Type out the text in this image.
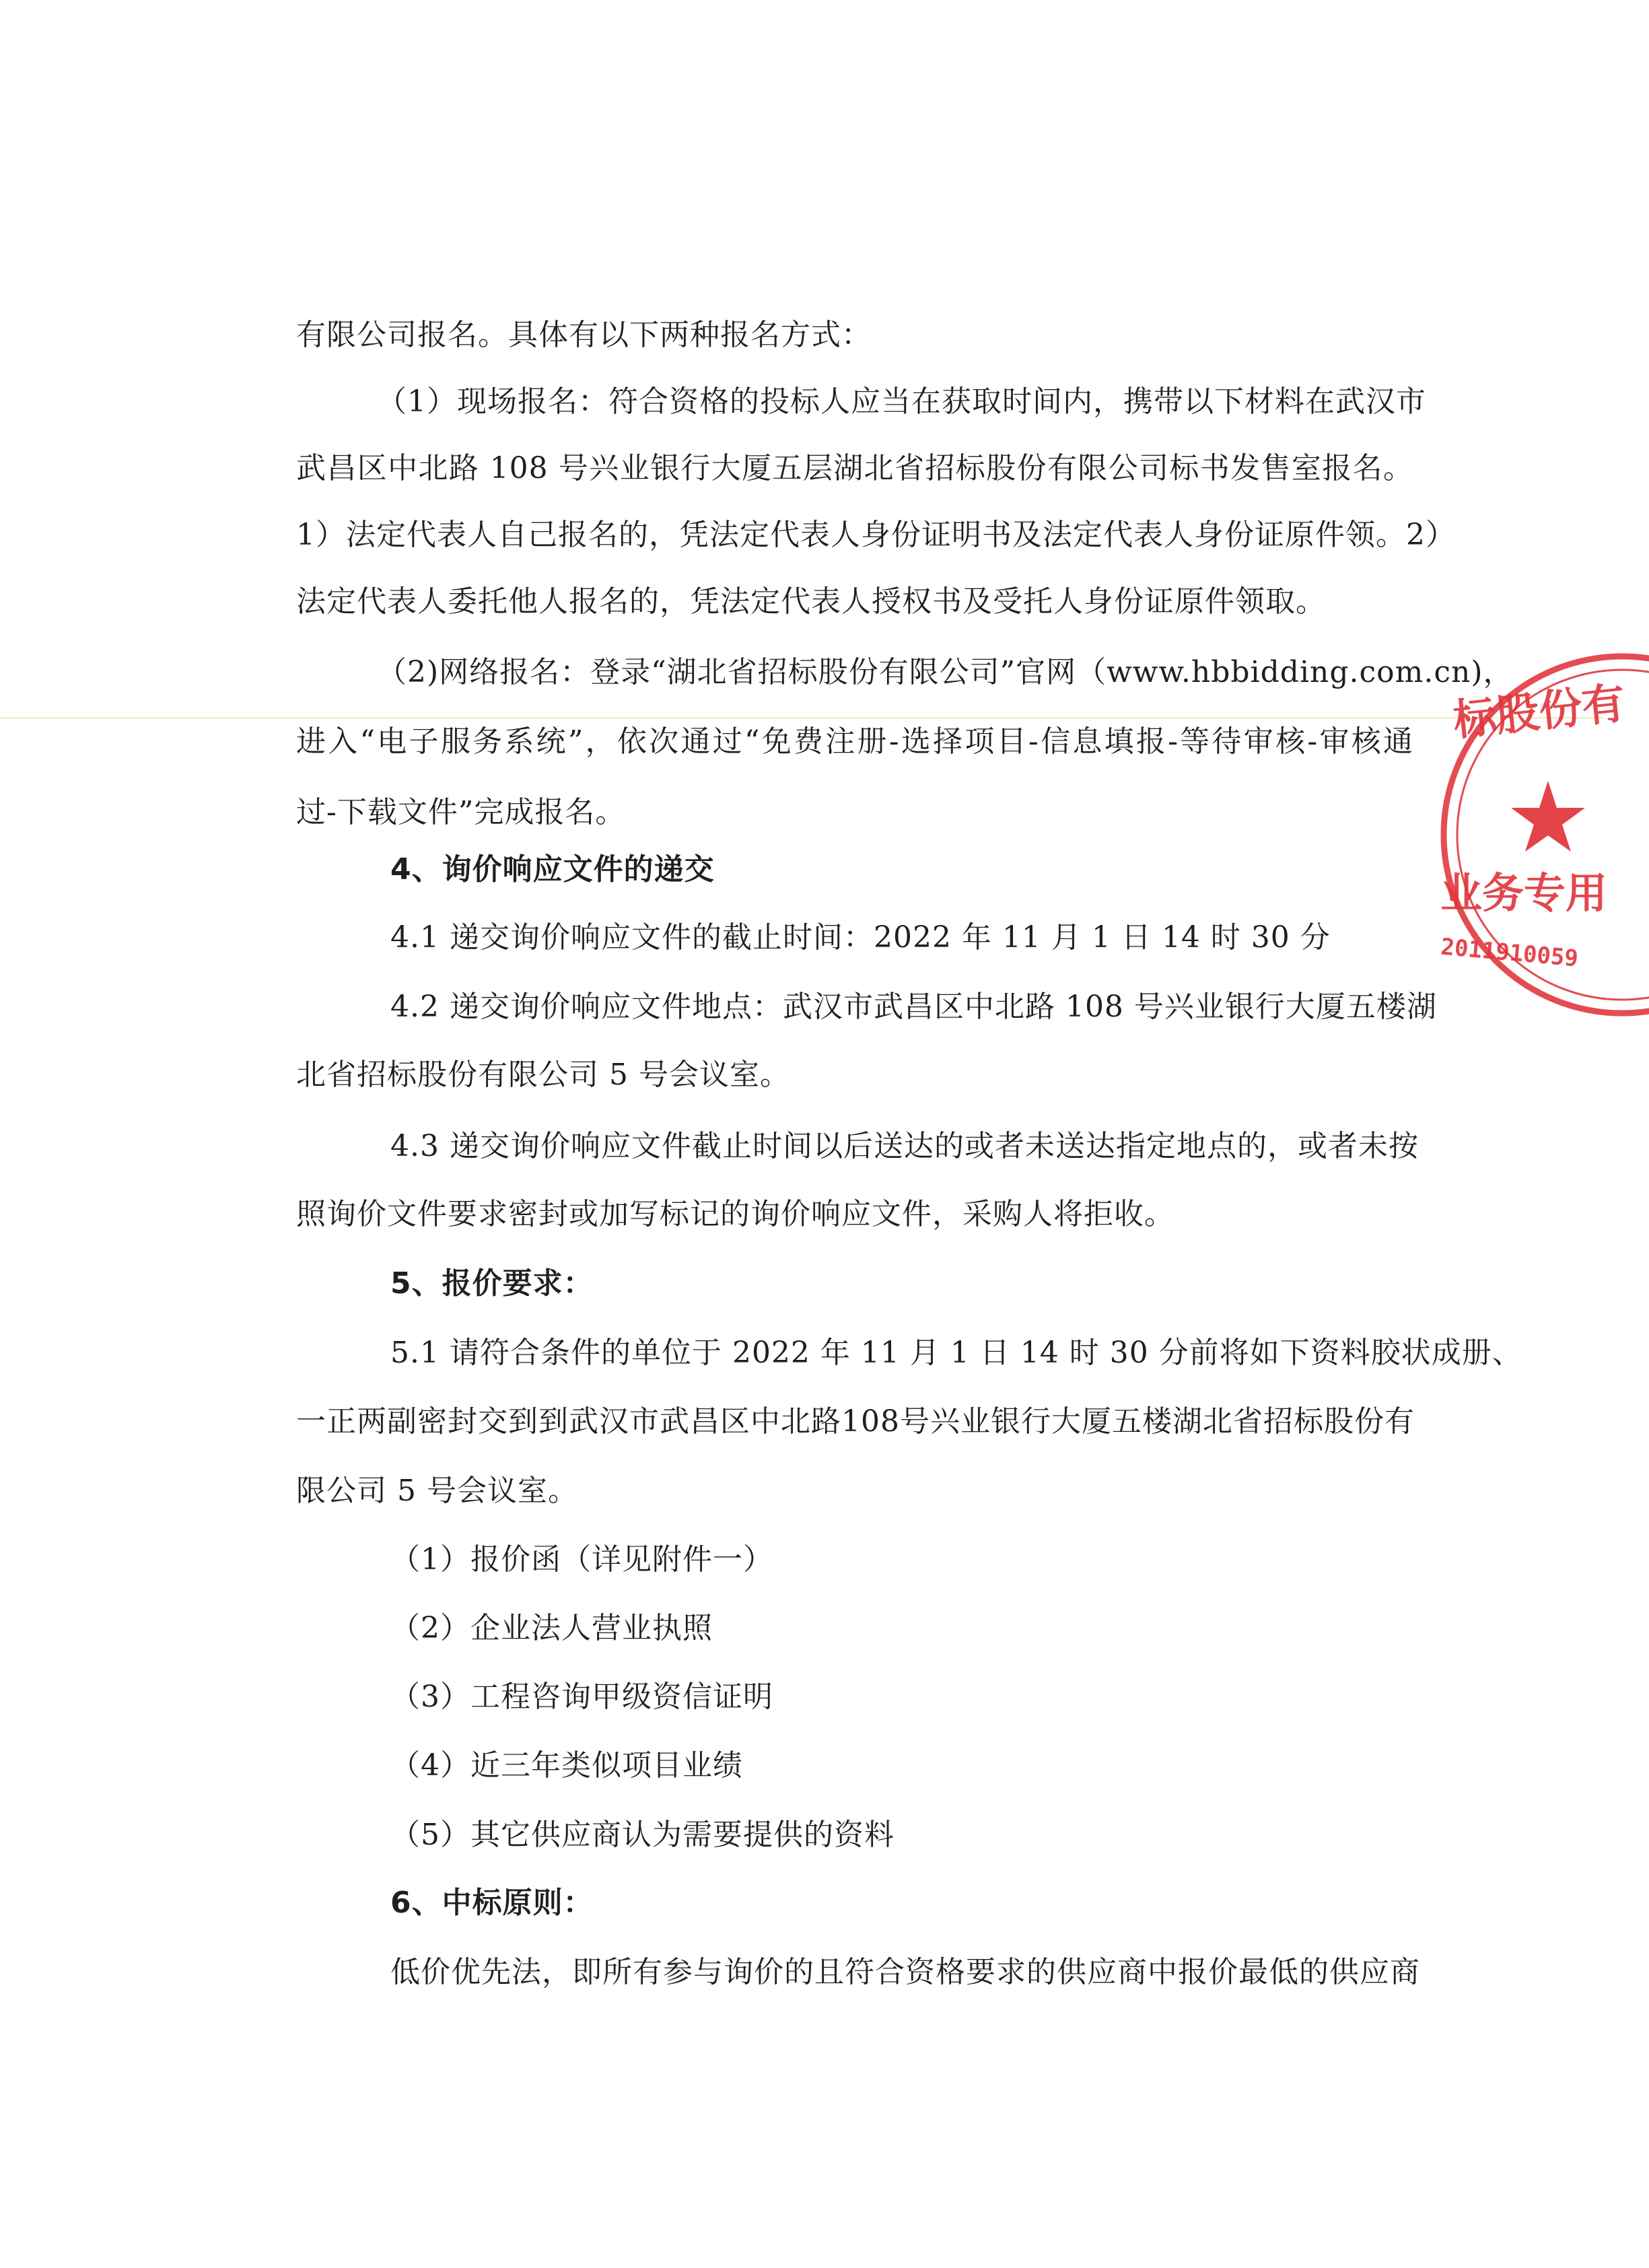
有限公司报名。具体有以下两种报名方式：
（1）现场报名：符合资格的投标人应当在获取时间内，携带以下材料在武汉市
武昌区中北路 108 号兴业银行大厦五层湖北省招标股份有限公司标书发售室报名。
1）法定代表人自己报名的，凭法定代表人身份证明书及法定代表人身份证原件领。2）
法定代表人委托他人报名的，凭法定代表人授权书及受托人身份证原件领取。
（2)网络报名：登录“湖北省招标股份有限公司”官网（www.hbbidding.com.cn)，
进入“电子服务系统”，依次通过“免费注册-选择项目-信息填报-等待审核-审核通
过-下载文件”完成报名。
4、询价响应文件的递交
4.1 递交询价响应文件的截止时间：2022 年 11 月 1 日 14 时 30 分
4.2 递交询价响应文件地点：武汉市武昌区中北路 108 号兴业银行大厦五楼湖
北省招标股份有限公司 5 号会议室。
4.3 递交询价响应文件截止时间以后送达的或者未送达指定地点的，或者未按
照询价文件要求密封或加写标记的询价响应文件，采购人将拒收。
5、报价要求：
5.1 请符合条件的单位于 2022 年 11 月 1 日 14 时 30 分前将如下资料胶状成册、
一正两副密封交到到武汉市武昌区中北路108号兴业银行大厦五楼湖北省招标股份有
限公司 5 号会议室。
（1）报价函（详见附件一）
（2）企业法人营业执照
（3）工程咨询甲级资信证明
（4）近三年类似项目业绩
（5）其它供应商认为需要提供的资料
6、中标原则：
低价优先法，即所有参与询价的且符合资格要求的供应商中报价最低的供应商
标股份有
业务专用
2011910059
